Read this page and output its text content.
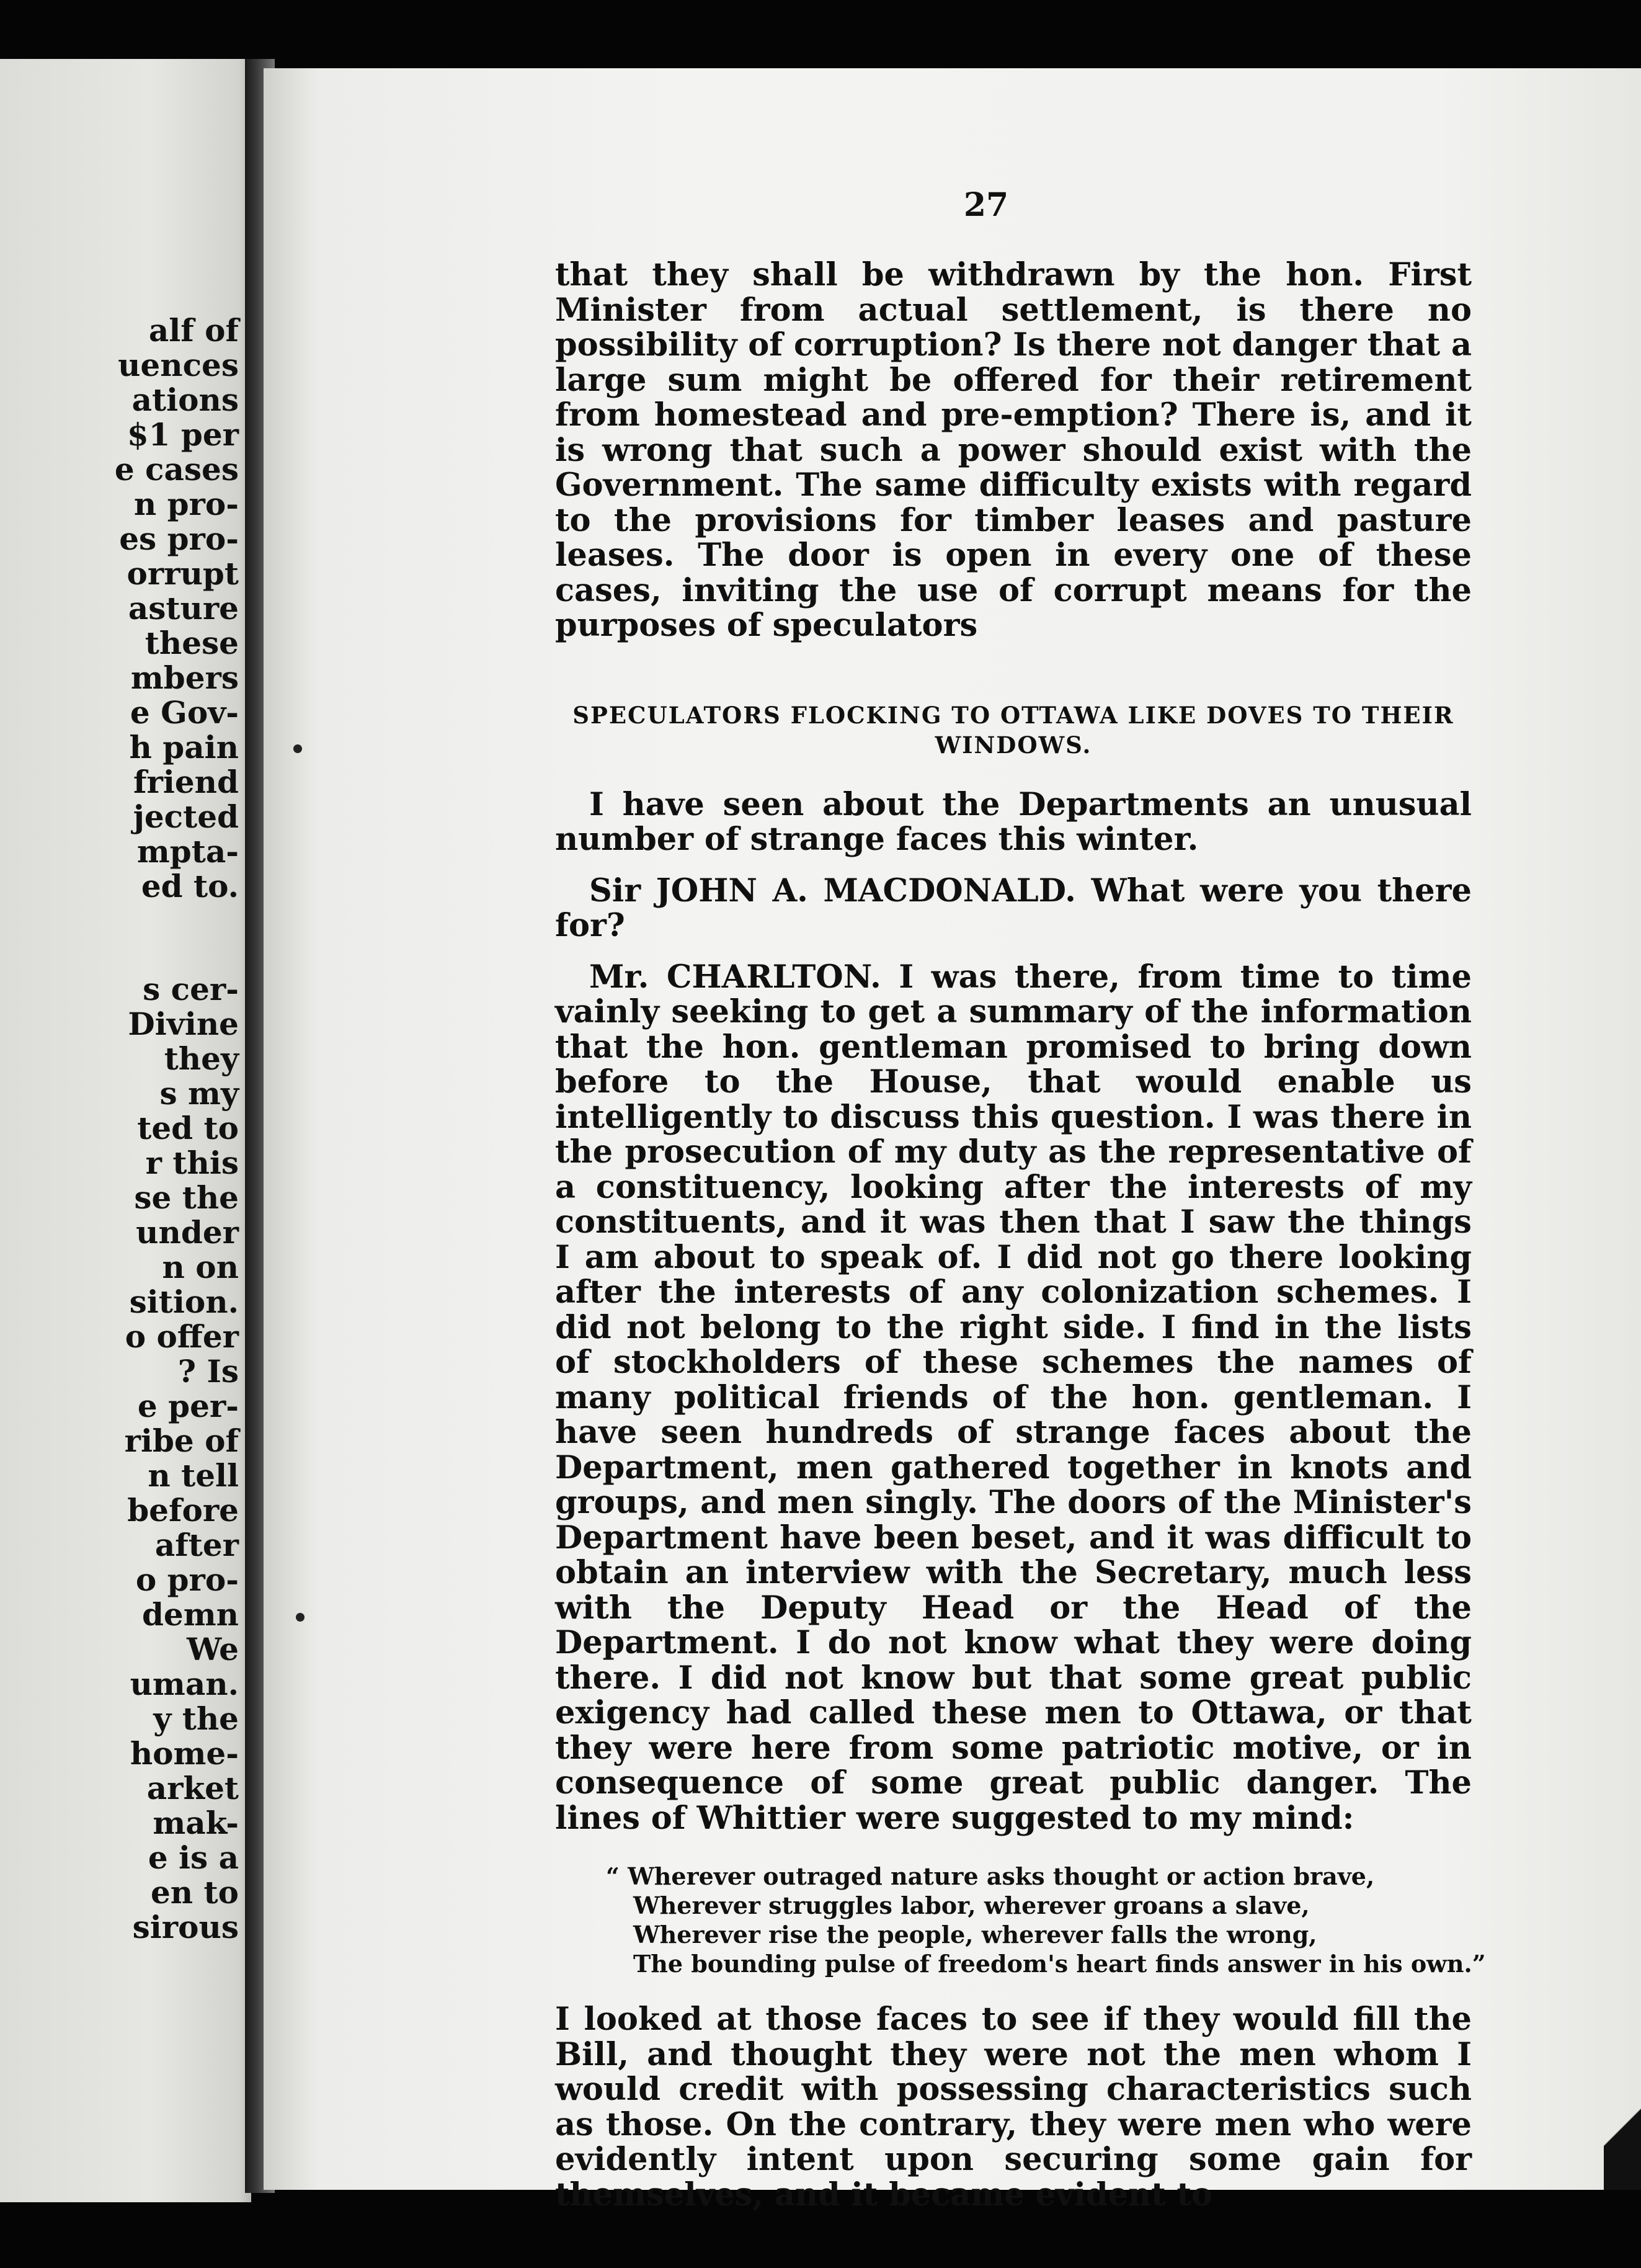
alf of
uences
ations
$1 per
e cases
n pro-
es pro-
orrupt
asture
these
mbers
e Gov-
h pain
friend
jected
mpta-
ed to.
s cer-
Divine
they
s my
ted to
r this
se the
under
n on
sition.
o offer
? Is
e per-
ribe of
n tell
before
after
o pro-
demn
We
uman.
y the
home-
arket
mak-
e is a
en to
sirous
27

that they shall be withdrawn by the hon. First Minister from actual settlement, is there no possibility of corruption? Is there not danger that a large sum might be offered for their retirement from homestead and pre-emption? There is, and it is wrong that such a power should exist with the Government. The same difficulty exists with regard to the provisions for timber leases and pasture leases. The door is open in every one of these cases, inviting the use of corrupt means for the purposes of speculators

SPECULATORS FLOCKING TO OTTAWA LIKE DOVES TO THEIR WINDOWS.

I have seen about the Departments an unusual number of strange faces this winter.

Sir JOHN A. MACDONALD. What were you there for?

Mr. CHARLTON. I was there, from time to time vainly seeking to get a summary of the information that the hon. gentleman promised to bring down before to the House, that would enable us intelligently to discuss this question. I was there in the prosecution of my duty as the representative of a constituency, looking after the interests of my constituents, and it was then that I saw the things I am about to speak of. I did not go there looking after the interests of any colonization schemes. I did not belong to the right side. I find in the lists of stockholders of these schemes the names of many political friends of the hon. gentleman. I have seen hundreds of strange faces about the Department, men gathered together in knots and groups, and men singly. The doors of the Minister's Department have been beset, and it was difficult to obtain an interview with the Secretary, much less with the Deputy Head or the Head of the Department. I do not know what they were doing there. I did not know but that some great public exigency had called these men to Ottawa, or that they were here from some patriotic motive, or in consequence of some great public danger. The lines of Whittier were suggested to my mind:

“ Wherever outraged nature asks thought or action brave,
Wherever struggles labor, wherever groans a slave,
Wherever rise the people, wherever falls the wrong,
The bounding pulse of freedom's heart finds answer in his own.”

I looked at those faces to see if they would fill the Bill, and thought they were not the men whom I would credit with possessing characteristics such as those. On the contrary, they were men who were evidently intent upon securing some gain for themselves, and it became evident to
